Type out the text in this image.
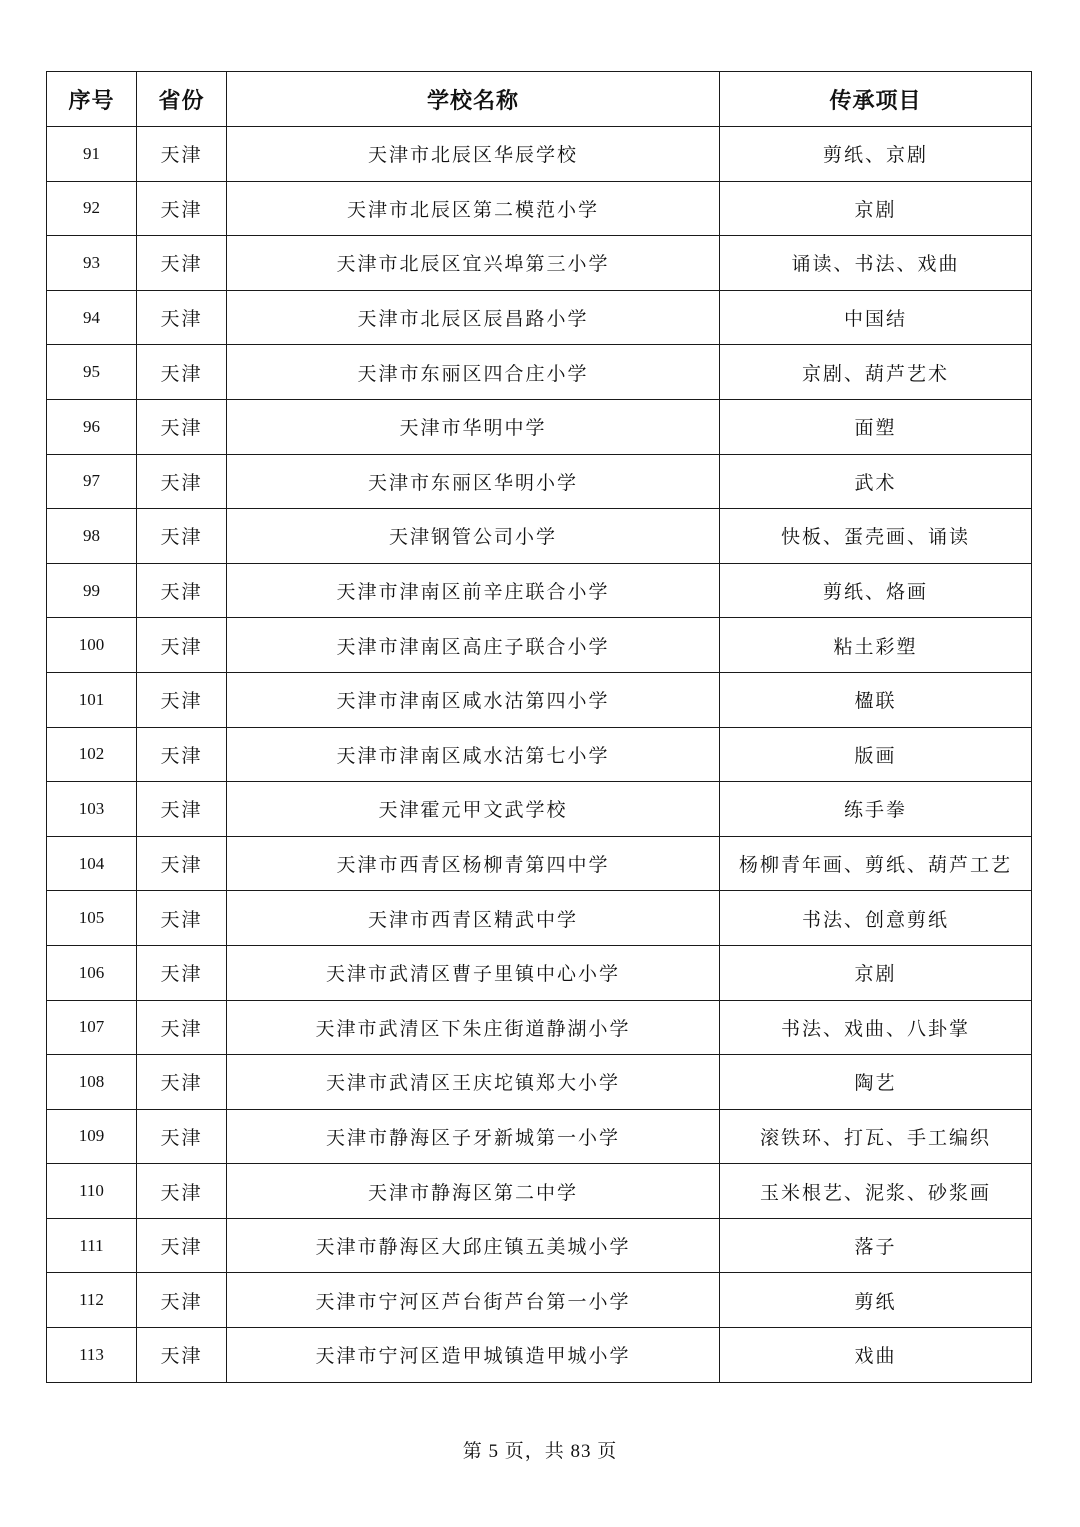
序号	省份	学校名称	传承项目
91	天津	天津市北辰区华辰学校	剪纸、京剧
92	天津	天津市北辰区第二模范小学	京剧
93	天津	天津市北辰区宜兴埠第三小学	诵读、书法、戏曲
94	天津	天津市北辰区辰昌路小学	中国结
95	天津	天津市东丽区四合庄小学	京剧、葫芦艺术
96	天津	天津市华明中学	面塑
97	天津	天津市东丽区华明小学	武术
98	天津	天津钢管公司小学	快板、蛋壳画、诵读
99	天津	天津市津南区前辛庄联合小学	剪纸、烙画
100	天津	天津市津南区高庄子联合小学	粘土彩塑
101	天津	天津市津南区咸水沽第四小学	楹联
102	天津	天津市津南区咸水沽第七小学	版画
103	天津	天津霍元甲文武学校	练手拳
104	天津	天津市西青区杨柳青第四中学	杨柳青年画、剪纸、葫芦工艺
105	天津	天津市西青区精武中学	书法、创意剪纸
106	天津	天津市武清区曹子里镇中心小学	京剧
107	天津	天津市武清区下朱庄街道静湖小学	书法、戏曲、八卦掌
108	天津	天津市武清区王庆坨镇郑大小学	陶艺
109	天津	天津市静海区子牙新城第一小学	滚铁环、打瓦、手工编织
110	天津	天津市静海区第二中学	玉米根艺、泥浆、砂浆画
111	天津	天津市静海区大邱庄镇五美城小学	落子
112	天津	天津市宁河区芦台街芦台第一小学	剪纸
113	天津	天津市宁河区造甲城镇造甲城小学	戏曲
第 5 页，共 83 页
